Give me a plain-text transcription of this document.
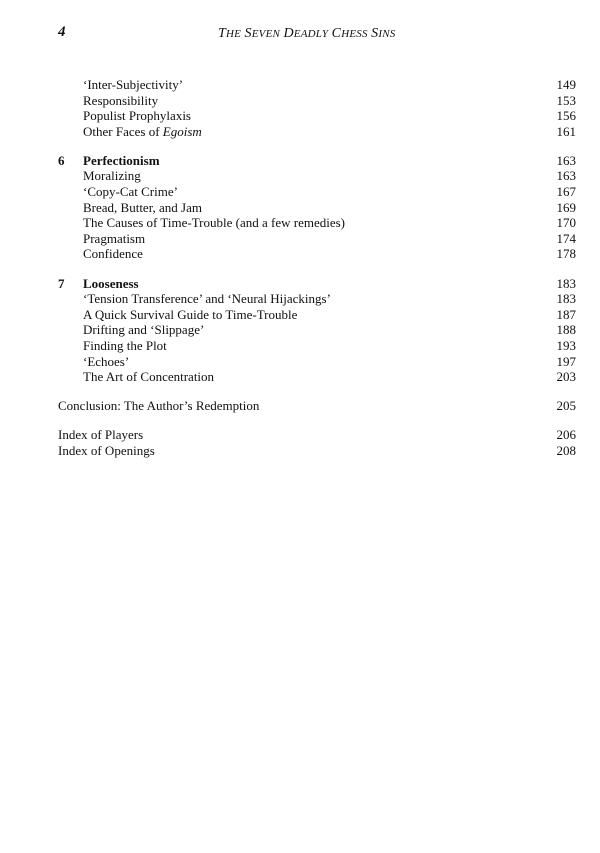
4	THE SEVEN DEADLY CHESS SINS
‘Inter-Subjectivity’	149
Responsibility	153
Populist Prophylaxis	156
Other Faces of Egoism	161
6 Perfectionism	163
Moralizing	163
‘Copy-Cat Crime’	167
Bread, Butter, and Jam	169
The Causes of Time-Trouble (and a few remedies)	170
Pragmatism	174
Confidence	178
7 Looseness	183
‘Tension Transference’ and ‘Neural Hijackings’	183
A Quick Survival Guide to Time-Trouble	187
Drifting and ‘Slippage’	188
Finding the Plot	193
‘Echoes’	197
The Art of Concentration	203
Conclusion: The Author’s Redemption	205
Index of Players	206
Index of Openings	208
